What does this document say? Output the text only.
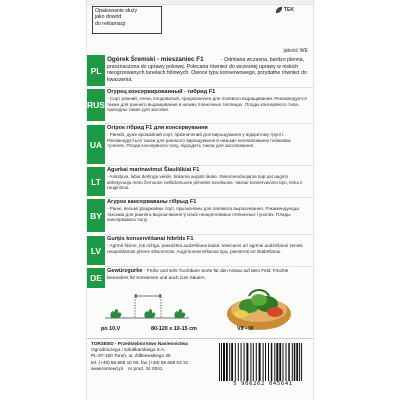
Opakowanie służy
jako dowód
do reklamacji
TEK
jakość WE
PL
Ogórek Śremski - mieszaniec F1	- Odmiana wczesna, bardzo plenna, przeznaczona do uprawy polowej. Polecana również do wczesnej uprawy w niskich nieogrzewanych tunelach foliowych. Owoce typu konserwowego, przydatne również do kwaszenia.
RUS
Огурец консервированный - гибрид F1
- Сорт ранний, очень плодовитый, предназначен для полевого выращивания. Рекомендуется также для раннего выращивания в низких пленочных теплицах. Плоды консервного типа, пригодны также для засолки.
UA
Огірок гібрид F1 для консервування
- Ранній, дуже врожайний сорт, призначений для вирощування у відкритому ґрунті. Рекомендується також для раннього вирощування в низьких неопалюваних плівкових тунелях. Плоди консервного типу, підходять також для засолювання.
LT
Agurkai marinavimui Šiauliškiai F1
- Ankstyva, labai derlinga veislė, tinkama auginti lauke. Rekomenduojama taip pat auginti ankstyvuoju metu žemuose nešildomuose plėvelės tuneliuose. Vaisiai konservavimo tipo, tinka ir rauginimui.
BY
Агурок кансерваваны гібрыд F1
- Ранні, вельмі ўраджайны сорт, прызначаны для палявога вырошчвання. Рэкамендуецца таксама для ранняга вырошчвання ў нізкіх неацяпляемых плёначных тунэлях. Плады кансервавага тыпу.
LV
Gurķis konservēšanai hibrīds F1
- Agrīnā šķirne, ļoti ražīga, paredzēta audzēšanai laukā. Ieteicams arī agrīnai audzēšanai zemās neapsildāmās plēves siltumnīcās. Augļi konservēšanas tipa, piemēroti arī skābēšanai.
DE
Gewürzgurke - Frühe und sehr fruchtbare Sorte für den Anbau auf dem Feld. Früchte besonders für Konserven und auch zum Säuern.
po 10,V	80-120 x 10-15 cm	VII - IX
TORSEED - Przedsiębiorstwo Nasiennictwa
Ogrodniczego i Szkółkarskiego S.A.
PL-87-100 Toruń, ul. Żółkiewskiego 35
tel. (+48) 56 658 10 00, fax (+48) 56 659 03 31
www.torseed.pl nr prod. 34 0041
5 906262 045641
